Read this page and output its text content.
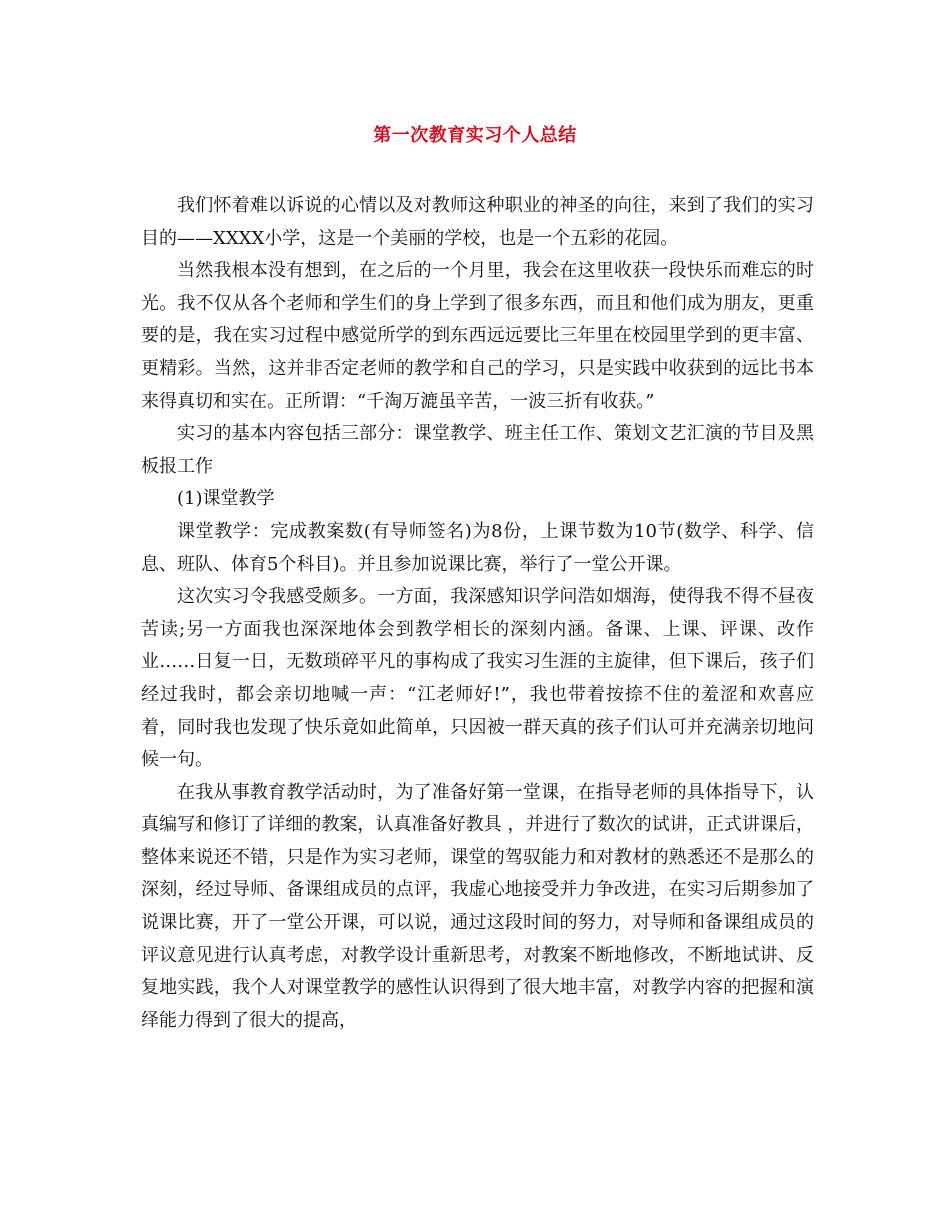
第一次教育实习个人总结

我们怀着难以诉说的心情以及对教师这种职业的神圣的向往，来到了我们的实习目的——XXXX小学，这是一个美丽的学校，也是一个五彩的花园。

当然我根本没有想到，在之后的一个月里，我会在这里收获一段快乐而难忘的时光。我不仅从各个老师和学生们的身上学到了很多东西，而且和他们成为朋友，更重要的是，我在实习过程中感觉所学的到东西远远要比三年里在校园里学到的更丰富、更精彩。当然，这并非否定老师的教学和自己的学习，只是实践中收获到的远比书本来得真切和实在。正所谓：“千淘万漉虽辛苦，一波三折有收获。”

实习的基本内容包括三部分：课堂教学、班主任工作、策划文艺汇演的节目及黑板报工作

(1)课堂教学

课堂教学：完成教案数(有导师签名)为8份，上课节数为10节(数学、科学、信息、班队、体育5个科目)。并且参加说课比赛，举行了一堂公开课。

这次实习令我感受颇多。一方面，我深感知识学问浩如烟海，使得我不得不昼夜苦读;另一方面我也深深地体会到教学相长的深刻内涵。备课、上课、评课、改作业……日复一日，无数琐碎平凡的事构成了我实习生涯的主旋律，但下课后，孩子们经过我时，都会亲切地喊一声：“江老师好!”，我也带着按捺不住的羞涩和欢喜应着，同时我也发现了快乐竟如此简单，只因被一群天真的孩子们认可并充满亲切地问候一句。

在我从事教育教学活动时，为了准备好第一堂课，在指导老师的具体指导下，认真编写和修订了详细的教案，认真准备好教具 ，并进行了数次的试讲，正式讲课后，整体来说还不错，只是作为实习老师，课堂的驾驭能力和对教材的熟悉还不是那么的深刻，经过导师、备课组成员的点评，我虚心地接受并力争改进，在实习后期参加了说课比赛，开了一堂公开课，可以说，通过这段时间的努力，对导师和备课组成员的评议意见进行认真考虑，对教学设计重新思考，对教案不断地修改，不断地试讲、反复地实践，我个人对课堂教学的感性认识得到了很大地丰富，对教学内容的把握和演绎能力得到了很大的提高，
